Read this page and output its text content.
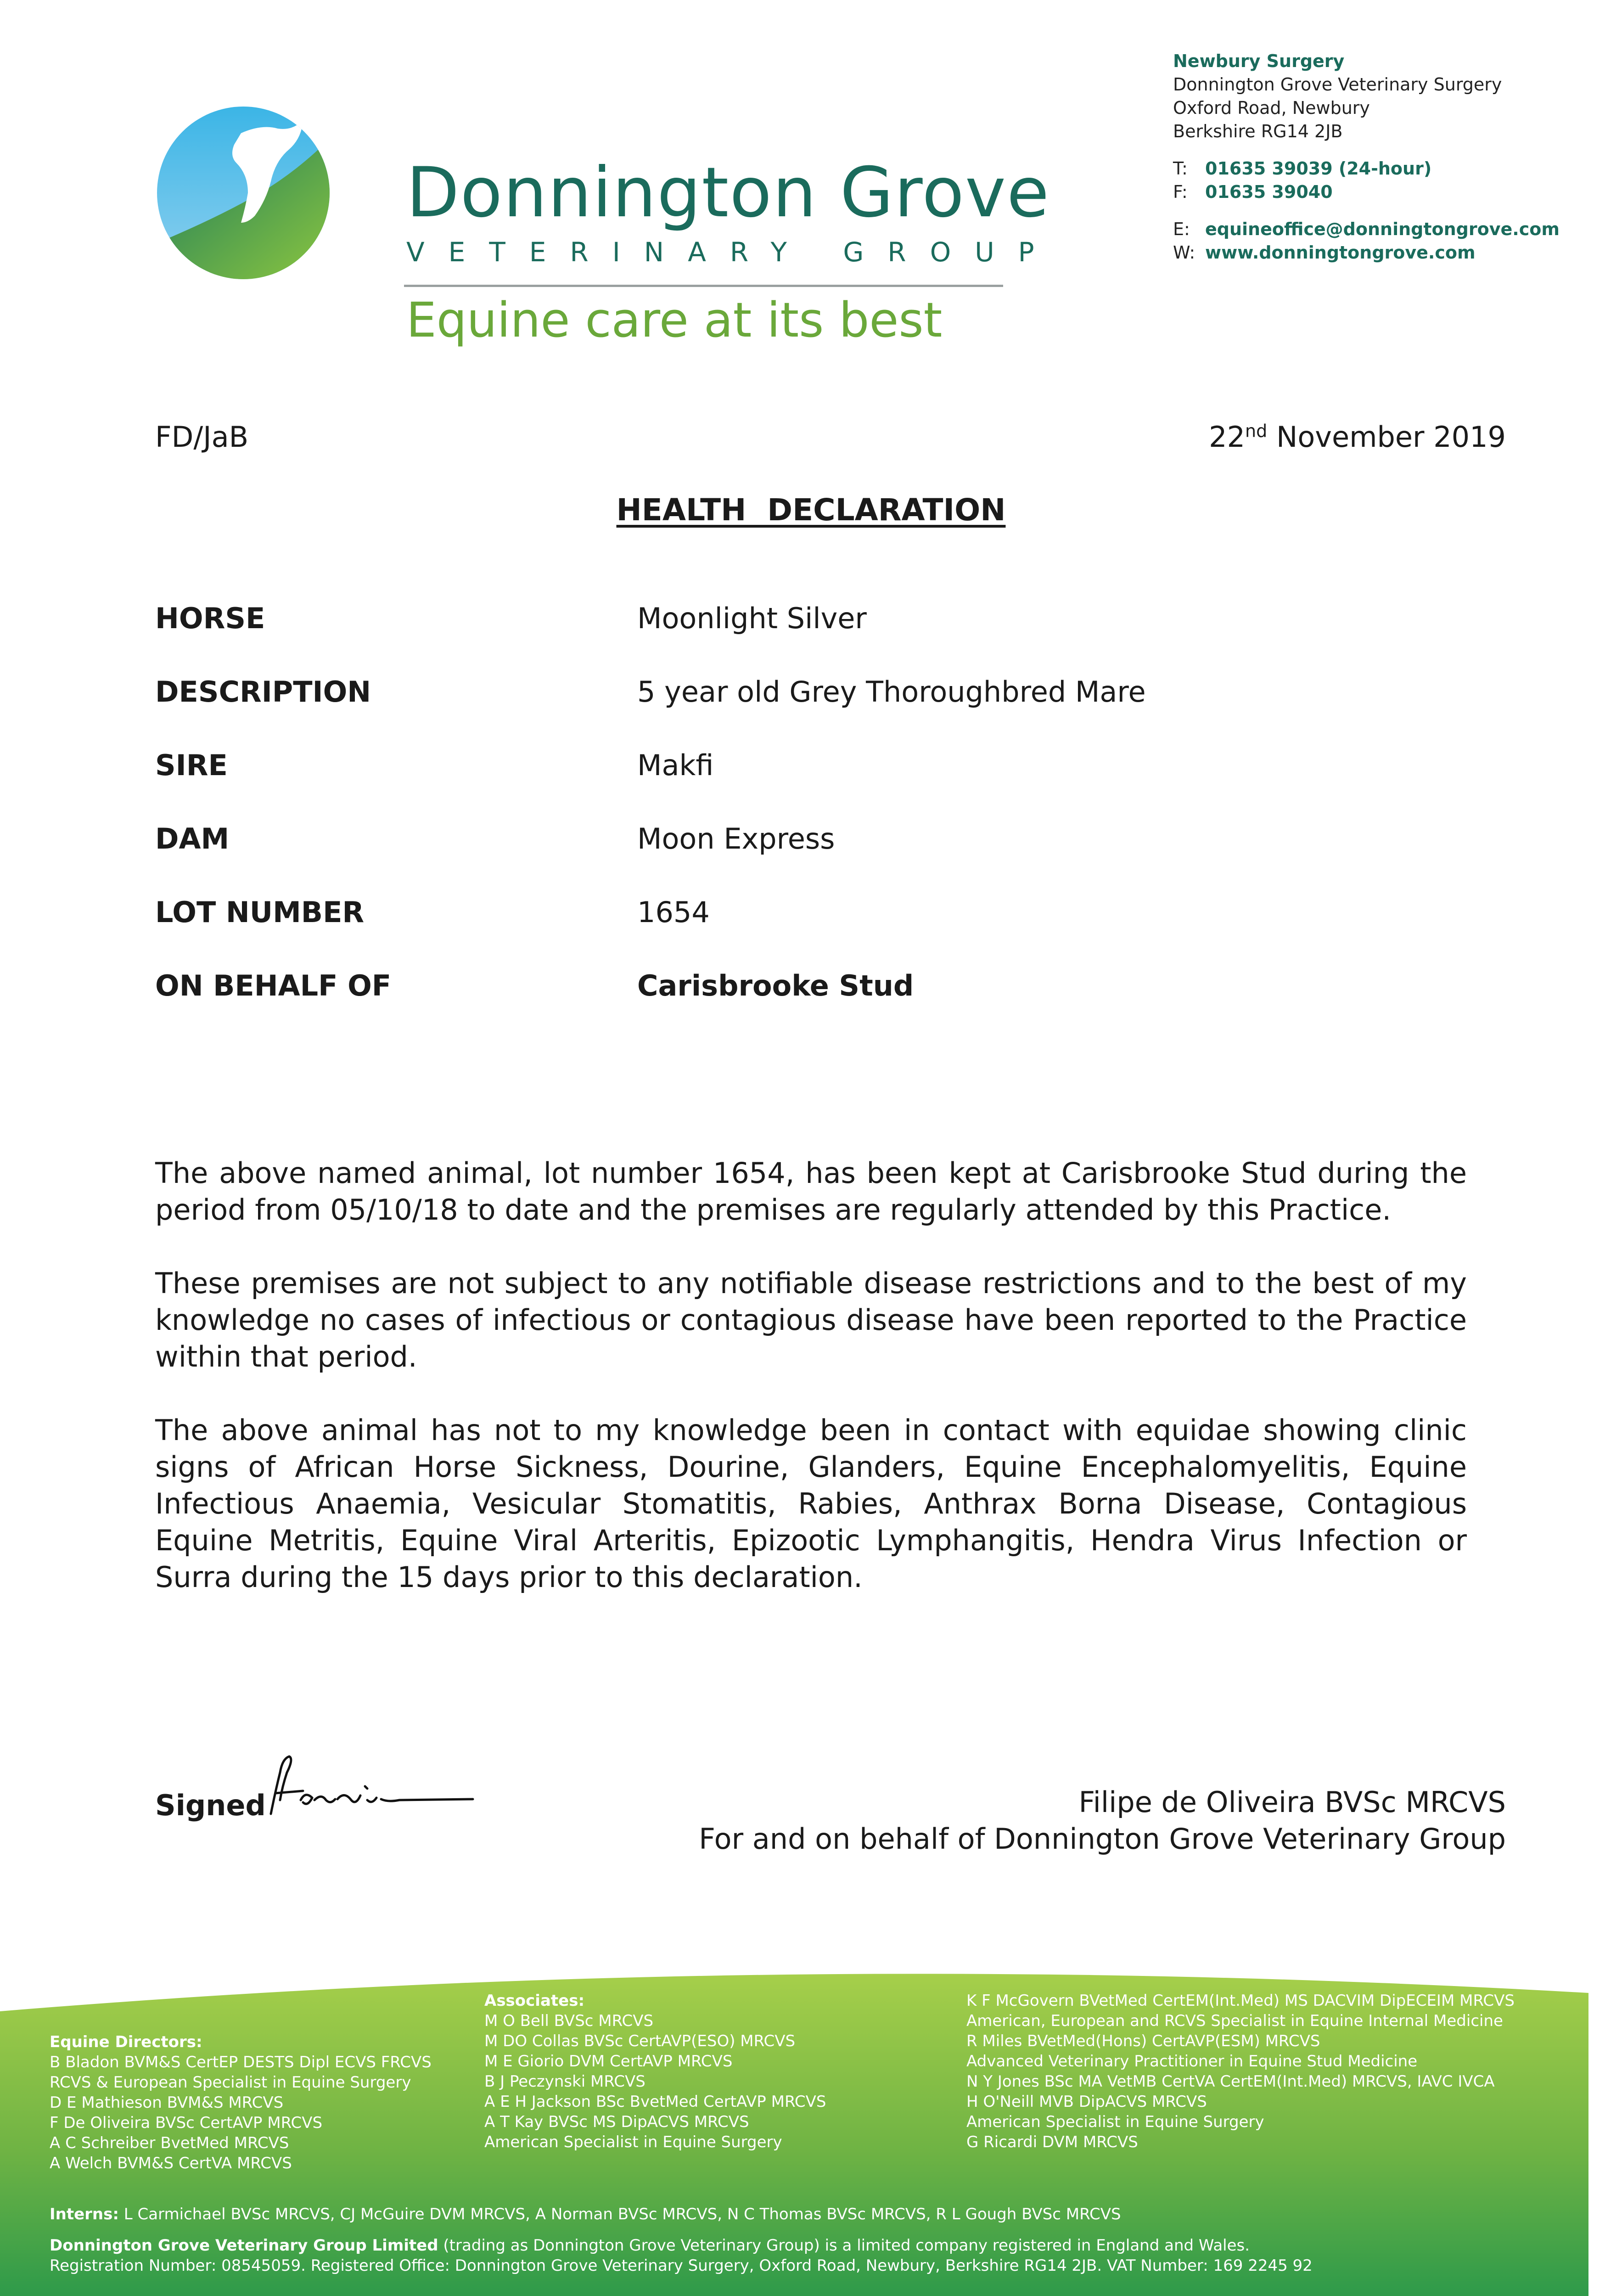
Donnington Grove
VETERINARY GROUP
Equine care at its best
Newbury Surgery
Donnington Grove Veterinary Surgery
Oxford Road, Newbury
Berkshire RG14 2JB
T: 01635 39039 (24-hour)
F: 01635 39040
E: equineoffice@donningtongrove.com
W: www.donningtongrove.com
FD/JaB	22nd November 2019
HEALTH  DECLARATION
HORSE	Moonlight Silver
DESCRIPTION	5 year old Grey Thoroughbred Mare
SIRE	Makfi
DAM	Moon Express
LOT NUMBER	1654
ON BEHALF OF	Carisbrooke Stud

The above named animal, lot number 1654, has been kept at Carisbrooke Stud during the period from 05/10/18 to date and the premises are regularly attended by this Practice.

These premises are not subject to any notifiable disease restrictions and to the best of my knowledge no cases of infectious or contagious disease have been reported to the Practice within that period.

The above animal has not to my knowledge been in contact with equidae showing clinic signs of African Horse Sickness, Dourine, Glanders, Equine Encephalomyelitis, Equine Infectious Anaemia, Vesicular Stomatitis, Rabies, Anthrax Borna Disease, Contagious Equine Metritis, Equine Viral Arteritis, Epizootic Lymphangitis, Hendra Virus Infection or Surra during the 15 days prior to this declaration.

Signed	Filipe de Oliveira BVSc MRCVS
For and on behalf of Donnington Grove Veterinary Group
Equine Directors:
B Bladon BVM&S CertEP DESTS Dipl ECVS FRCVS
RCVS & European Specialist in Equine Surgery
D E Mathieson BVM&S MRCVS
F De Oliveira BVSc CertAVP MRCVS
A C Schreiber BvetMed MRCVS
A Welch BVM&S CertVA MRCVS
Associates:
M O Bell BVSc MRCVS
M DO Collas BVSc CertAVP(ESO) MRCVS
M E Giorio DVM CertAVP MRCVS
B J Peczynski MRCVS
A E H Jackson BSc BvetMed CertAVP MRCVS
A T Kay BVSc MS DipACVS MRCVS
American Specialist in Equine Surgery
K F McGovern BVetMed CertEM(Int.Med) MS DACVIM DipECEIM MRCVS
American, European and RCVS Specialist in Equine Internal Medicine
R Miles BVetMed(Hons) CertAVP(ESM) MRCVS
Advanced Veterinary Practitioner in Equine Stud Medicine
N Y Jones BSc MA VetMB CertVA CertEM(Int.Med) MRCVS, IAVC IVCA
H O'Neill MVB DipACVS MRCVS
American Specialist in Equine Surgery
G Ricardi DVM MRCVS
Interns: L Carmichael BVSc MRCVS, CJ McGuire DVM MRCVS, A Norman BVSc MRCVS, N C Thomas BVSc MRCVS, R L Gough BVSc MRCVS
Donnington Grove Veterinary Group Limited (trading as Donnington Grove Veterinary Group) is a limited company registered in England and Wales.
Registration Number: 08545059. Registered Office: Donnington Grove Veterinary Surgery, Oxford Road, Newbury, Berkshire RG14 2JB. VAT Number: 169 2245 92
